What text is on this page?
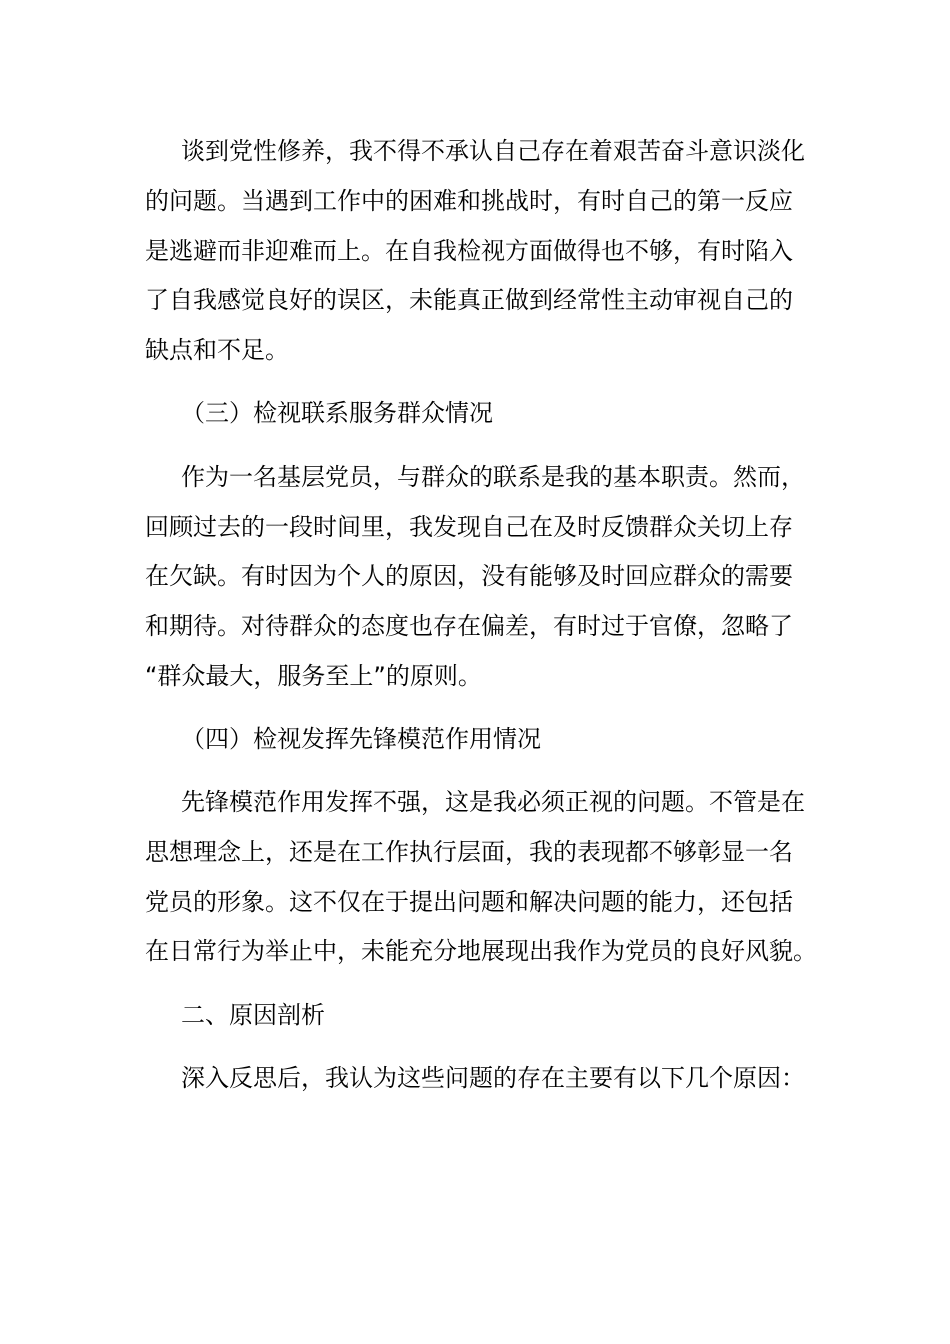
谈到党性修养，我不得不承认自己存在着艰苦奋斗意识淡化

的问题。当遇到工作中的困难和挑战时，有时自己的第一反应

是逃避而非迎难而上。在自我检视方面做得也不够，有时陷入

了自我感觉良好的误区，未能真正做到经常性主动审视自己的

缺点和不足。

（三）检视联系服务群众情况

作为一名基层党员，与群众的联系是我的基本职责。然而，

回顾过去的一段时间里，我发现自己在及时反馈群众关切上存

在欠缺。有时因为个人的原因，没有能够及时回应群众的需要

和期待。对待群众的态度也存在偏差，有时过于官僚，忽略了

“群众最大，服务至上”的原则。

（四）检视发挥先锋模范作用情况

先锋模范作用发挥不强，这是我必须正视的问题。不管是在

思想理念上，还是在工作执行层面，我的表现都不够彰显一名

党员的形象。这不仅在于提出问题和解决问题的能力，还包括

在日常行为举止中，未能充分地展现出我作为党员的良好风貌。

二、原因剖析

深入反思后，我认为这些问题的存在主要有以下几个原因：
